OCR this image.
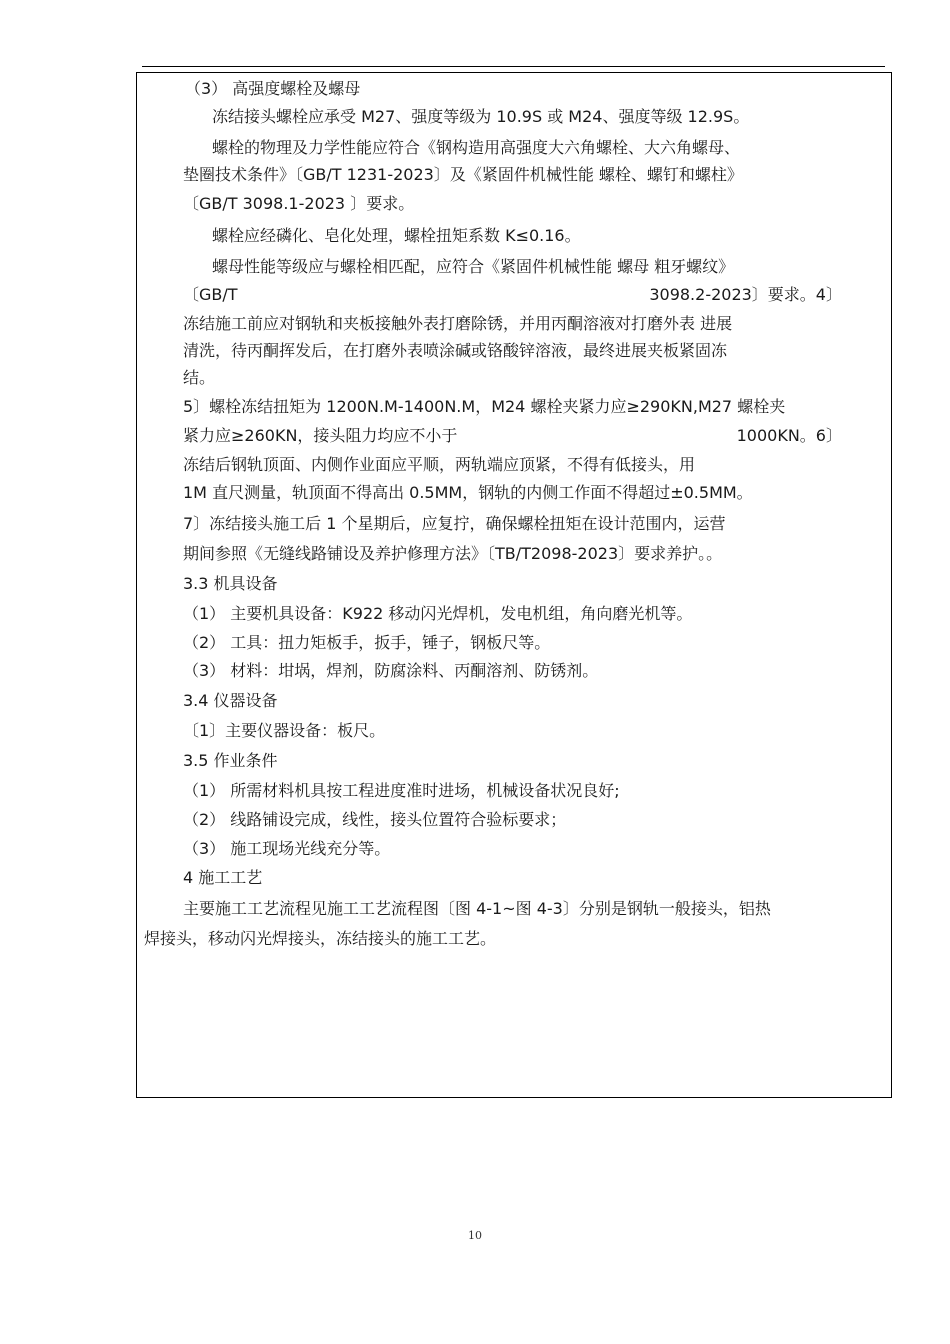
（3） 高强度螺栓及螺母
冻结接头螺栓应承受 M27、强度等级为 10.9S 或 M24、强度等级 12.9S。
螺栓的物理及力学性能应符合《钢构造用高强度大六角螺栓、大六角螺母、
垫圈技术条件》〔GB/T 1231-2023〕及《紧固件机械性能 螺栓、螺钉和螺柱》
〔GB/T 3098.1-2023 〕要求。
螺栓应经磷化、皂化处理，螺栓扭矩系数 K≤0.16。
螺母性能等级应与螺栓相匹配，应符合《紧固件机械性能 螺母 粗牙螺纹》
〔GB/T	3098.2-2023〕要求。4〕
冻结施工前应对钢轨和夹板接触外表打磨除锈，并用丙酮溶液对打磨外表 进展
清洗，待丙酮挥发后，在打磨外表喷涂碱或铬酸锌溶液，最终进展夹板紧固冻
结。
5〕螺栓冻结扭矩为 1200N.M-1400N.M，M24 螺栓夹紧力应≥290KN,M27 螺栓夹
紧力应≥260KN，接头阻力均应不小于	1000KN。6〕
冻结后钢轨顶面、内侧作业面应平顺，两轨端应顶紧，不得有低接头，用
1M 直尺测量，轨顶面不得高出 0.5MM，钢轨的内侧工作面不得超过±0.5MM。
7〕冻结接头施工后 1 个星期后，应复拧，确保螺栓扭矩在设计范围内，运营
期间参照《无缝线路铺设及养护修理方法》〔TB/T2098-2023〕要求养护。。
3.3 机具设备
（1） 主要机具设备：K922 移动闪光焊机，发电机组，角向磨光机等。
（2） 工具：扭力矩板手，扳手，锤子，钢板尺等。
（3） 材料：坩埚，焊剂，防腐涂料、丙酮溶剂、防锈剂。
3.4 仪器设备
〔1〕主要仪器设备：板尺。
3.5 作业条件
（1） 所需材料机具按工程进度准时进场，机械设备状况良好;
（2） 线路铺设完成，线性，接头位置符合验标要求；
（3） 施工现场光线充分等。
4 施工工艺
主要施工工艺流程见施工工艺流程图〔图 4-1~图 4-3〕分别是钢轨一般接头，铝热
焊接头，移动闪光焊接头，冻结接头的施工工艺。
10
